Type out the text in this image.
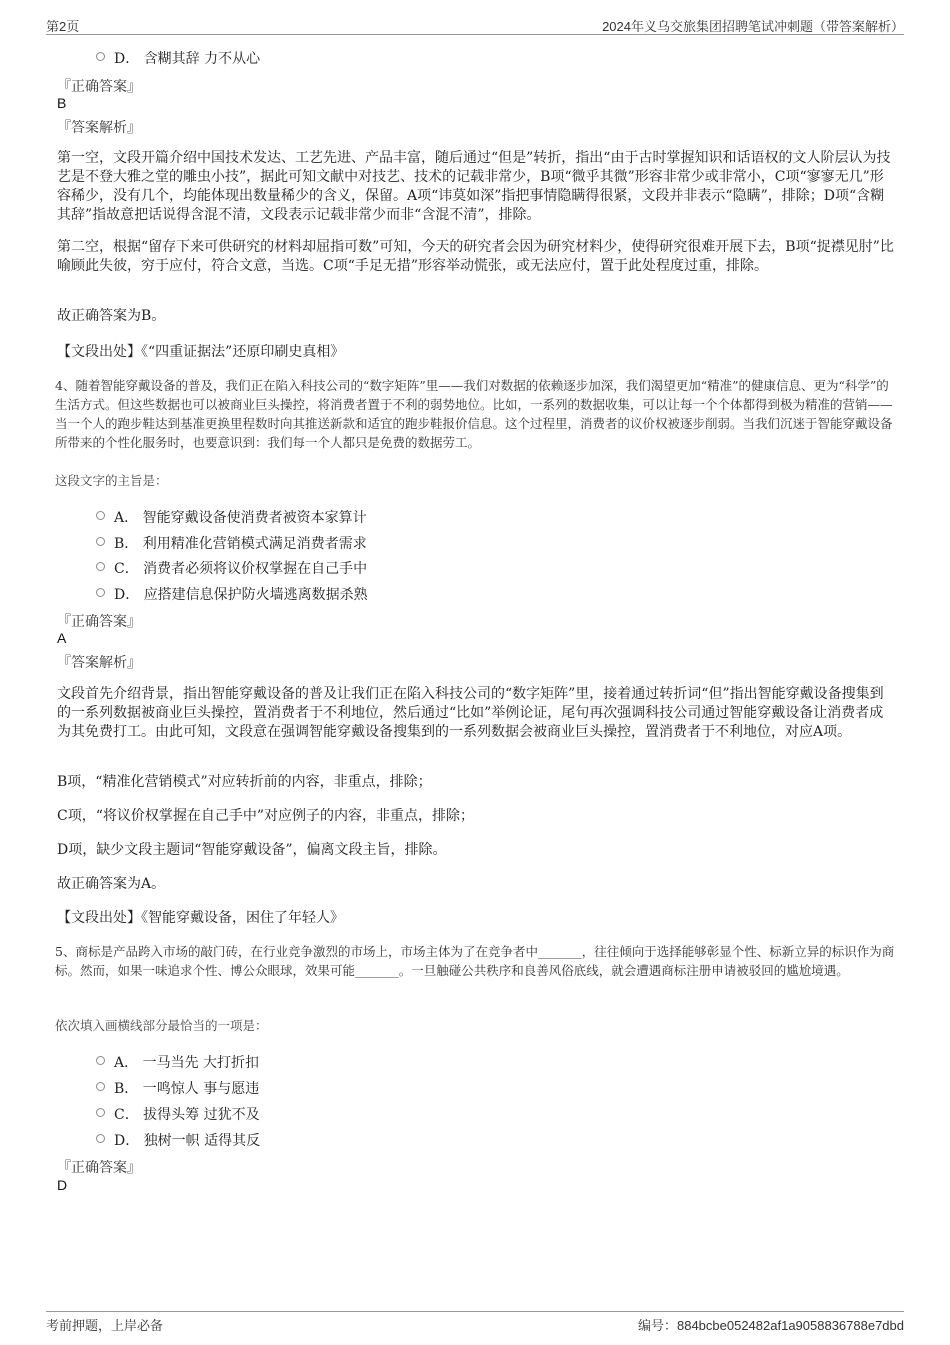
第2页	2024年义乌交旅集团招聘笔试冲刺题（带答案解析）
D． 含糊其辞 力不从心
『正确答案』
B
『答案解析』
第一空，文段开篇介绍中国技术发达、工艺先进、产品丰富，随后通过“但是”转折，指出“由于古时掌握知识和话语权的文人阶层认为技艺是不登大雅之堂的雕虫小技”，据此可知文献中对技艺、技术的记载非常少，B项“微乎其微”形容非常少或非常小，C项“寥寥无几”形容稀少，没有几个，均能体现出数量稀少的含义，保留。A项“讳莫如深”指把事情隐瞒得很紧，文段并非表示“隐瞒”，排除；D项“含糊其辞”指故意把话说得含混不清，文段表示记载非常少而非“含混不清”，排除。
第二空，根据“留存下来可供研究的材料却屈指可数”可知，今天的研究者会因为研究材料少，使得研究很难开展下去，B项“捉襟见肘”比喻顾此失彼，穷于应付，符合文意，当选。C项“手足无措”形容举动慌张，或无法应付，置于此处程度过重，排除。
故正确答案为B。
【文段出处】《“四重证据法”还原印刷史真相》
4、随着智能穿戴设备的普及，我们正在陷入科技公司的“数字矩阵”里——我们对数据的依赖逐步加深，我们渴望更加“精准”的健康信息、更为“科学”的生活方式。但这些数据也可以被商业巨头操控，将消费者置于不利的弱势地位。比如，一系列的数据收集，可以让每一个个体都得到极为精准的营销——当一个人的跑步鞋达到基准更换里程数时向其推送新款和适宜的跑步鞋报价信息。这个过程里，消费者的议价权被逐步削弱。当我们沉迷于智能穿戴设备所带来的个性化服务时，也要意识到：我们每一个人都只是免费的数据劳工。
这段文字的主旨是：
A． 智能穿戴设备使消费者被资本家算计
B． 利用精准化营销模式满足消费者需求
C． 消费者必须将议价权掌握在自己手中
D． 应搭建信息保护防火墙逃离数据杀熟
『正确答案』
A
『答案解析』
文段首先介绍背景，指出智能穿戴设备的普及让我们正在陷入科技公司的“数字矩阵”里，接着通过转折词“但”指出智能穿戴设备搜集到的一系列数据被商业巨头操控，置消费者于不利地位，然后通过“比如”举例论证，尾句再次强调科技公司通过智能穿戴设备让消费者成为其免费打工。由此可知，文段意在强调智能穿戴设备搜集到的一系列数据会被商业巨头操控，置消费者于不利地位，对应A项。
B项，“精准化营销模式”对应转折前的内容，非重点，排除；
C项，“将议价权掌握在自己手中”对应例子的内容，非重点，排除；
D项，缺少文段主题词“智能穿戴设备”，偏离文段主旨，排除。
故正确答案为A。
【文段出处】《智能穿戴设备，困住了年轻人》
5、商标是产品跨入市场的敲门砖，在行业竞争激烈的市场上，市场主体为了在竞争者中_______，往往倾向于选择能够彰显个性、标新立异的标识作为商标。然而，如果一味追求个性、博公众眼球，效果可能_______。一旦触碰公共秩序和良善风俗底线，就会遭遇商标注册申请被驳回的尴尬境遇。
依次填入画横线部分最恰当的一项是：
A． 一马当先 大打折扣
B． 一鸣惊人 事与愿违
C． 拔得头筹 过犹不及
D． 独树一帜 适得其反
『正确答案』
D
考前押题，上岸必备	编号：884bcbe052482af1a9058836788e7dbd
